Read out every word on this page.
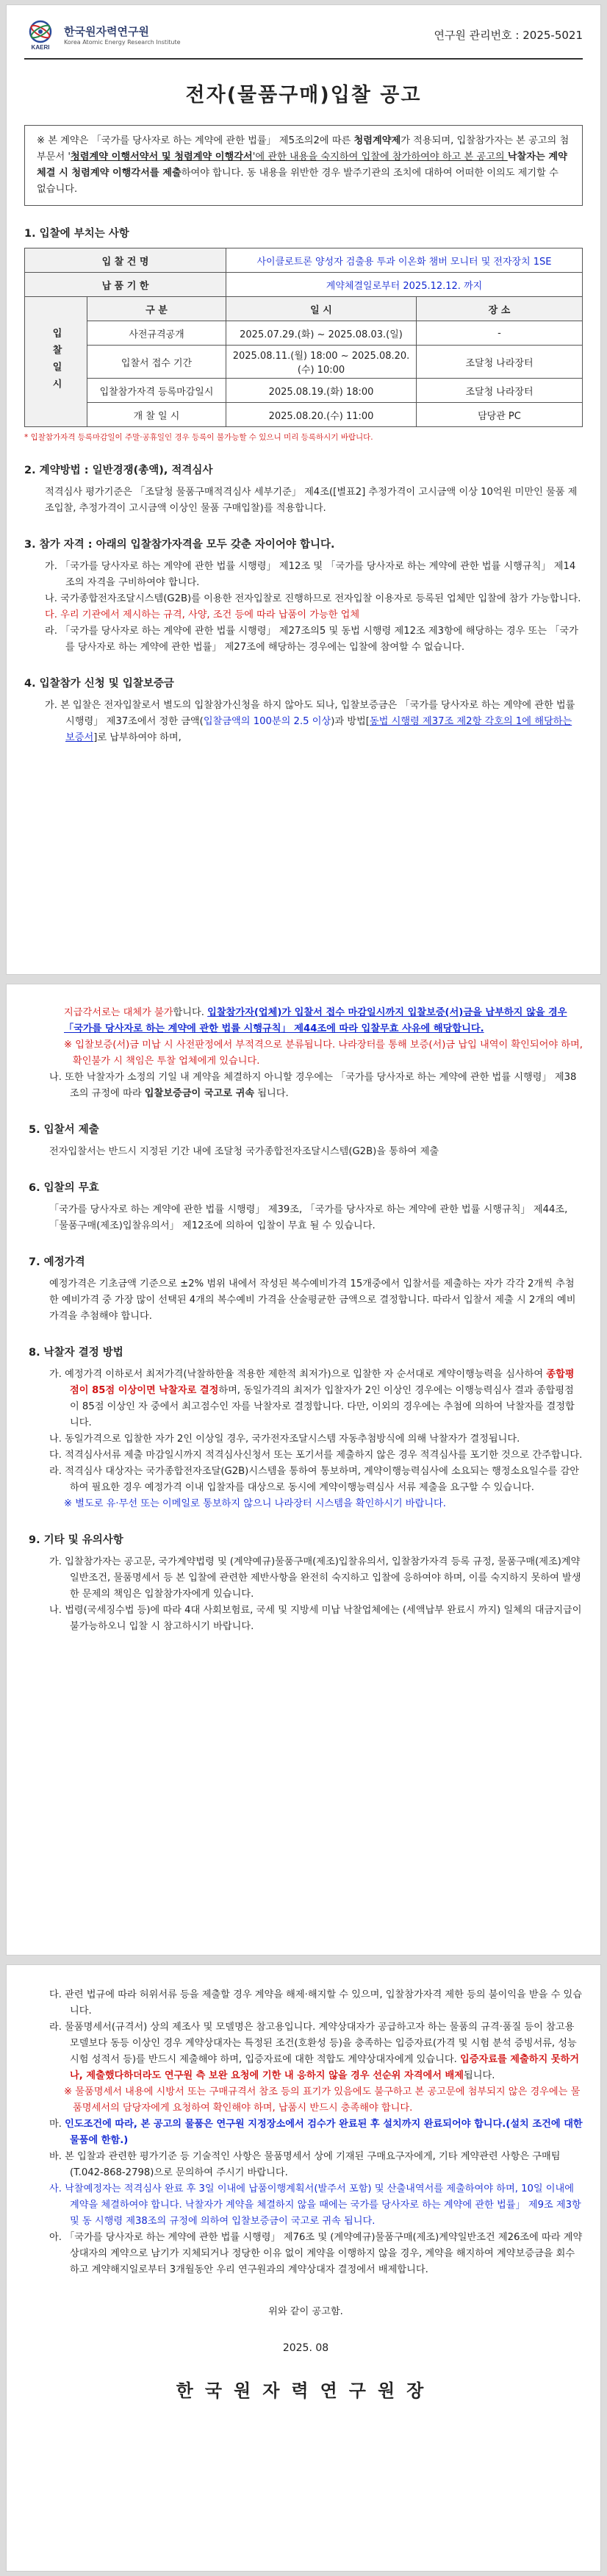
KAERI
한국원자력연구원
Korea Atomic Energy Research Institute
연구원 관리번호 : 2025-5021
전자(물품구매)입찰 공고
※ 본 계약은 「국가를 당사자로 하는 계약에 관한 법률」 제5조의2에 따른 청렴계약제가 적용되며, 입찰참가자는 본 공고의 첨부문서 '청렴계약 이행서약서 및 청렴계약 이행각서'에 관한 내용을 숙지하여 입찰에 참가하여야 하고 본 공고의 낙찰자는 계약체결 시 청렴계약 이행각서를 제출하여야 합니다. 동 내용을 위반한 경우 발주기관의 조치에 대하여 어떠한 이의도 제기할 수 없습니다.
1. 입찰에 부치는 사항
입 찰 건 명		사이클로트론 양성자 검출용 투과 이온화 챔버 모니터 및 전자장치 1SE	
납 품 기 한		계약체결일로부터 2025.12.12. 까지	
입찰일시	구 분	일 시	장 소
	사전규격공개	2025.07.29.(화) ~ 2025.08.03.(일)	-
	입찰서 접수 기간	2025.08.11.(월) 18:00 ~ 2025.08.20.(수) 10:00	조달청 나라장터
	입찰참가자격 등록마감일시	2025.08.19.(화) 18:00	조달청 나라장터
	개 찰 일 시	2025.08.20.(수) 11:00	담당관 PC
* 입찰참가자격 등록마감일이 주말·공휴일인 경우 등록이 불가능할 수 있으니 미리 등록하시기 바랍니다.
2. 계약방법 : 일반경쟁(총액), 적격심사
적격심사 평가기준은 「조달청 물품구매적격심사 세부기준」 제4조([별표2] 추정가격이 고시금액 이상 10억원 미만인 물품 제조입찰, 추정가격이 고시금액 이상인 물품 구매입찰)를 적용합니다.
3. 참가 자격 : 아래의 입찰참가자격을 모두 갖춘 자이어야 합니다.
가. 「국가를 당사자로 하는 계약에 관한 법률 시행령」 제12조 및 「국가를 당사자로 하는 계약에 관한 법률 시행규칙」 제14조의 자격을 구비하여야 합니다.
나. 국가종합전자조달시스템(G2B)를 이용한 전자입찰로 진행하므로 전자입찰 이용자로 등록된 업체만 입찰에 참가 가능합니다.
다. 우리 기관에서 제시하는 규격, 사양, 조건 등에 따라 납품이 가능한 업체
라. 「국가를 당사자로 하는 계약에 관한 법률 시행령」 제27조의5 및 동법 시행령 제12조 제3항에 해당하는 경우 또는 「국가를 당사자로 하는 계약에 관한 법률」 제27조에 해당하는 경우에는 입찰에 참여할 수 없습니다.
4. 입찰참가 신청 및 입찰보증금
가. 본 입찰은 전자입찰로서 별도의 입찰참가신청을 하지 않아도 되나, 입찰보증금은 「국가를 당사자로 하는 계약에 관한 법률 시행령」 제37조에서 정한 금액(입찰금액의 100분의 2.5 이상)과 방법[동법 시행령 제37조 제2항 각호의 1에 해당하는 보증서]로 납부하여야 하며,
지급각서로는 대체가 불가합니다. 입찰참가자(업체)가 입찰서 접수 마감일시까지 입찰보증(서)금을 납부하지 않을 경우 「국가를 당사자로 하는 계약에 관한 법률 시행규칙」 제44조에 따라 입찰무효 사유에 해당합니다.
※ 입찰보증(서)금 미납 시 사전판정에서 부적격으로 분류됩니다. 나라장터를 통해 보증(서)금 납입 내역이 확인되어야 하며, 확인불가 시 책임은 투찰 업체에게 있습니다.
나. 또한 낙찰자가 소정의 기일 내 계약을 체결하지 아니할 경우에는 「국가를 당사자로 하는 계약에 관한 법률 시행령」 제38조의 규정에 따라 입찰보증금이 국고로 귀속 됩니다.
5. 입찰서 제출
전자입찰서는 반드시 지정된 기간 내에 조달청 국가종합전자조달시스템(G2B)을 통하여 제출
6. 입찰의 무효
「국가를 당사자로 하는 계약에 관한 법률 시행령」 제39조, 「국가를 당사자로 하는 계약에 관한 법률 시행규칙」 제44조, 「물품구매(제조)입찰유의서」 제12조에 의하여 입찰이 무효 될 수 있습니다.
7. 예정가격
예정가격은 기초금액 기준으로 ±2% 범위 내에서 작성된 복수예비가격 15개중에서 입찰서를 제출하는 자가 각각 2개씩 추첨한 예비가격 중 가장 많이 선택된 4개의 복수예비 가격을 산술평균한 금액으로 결정합니다. 따라서 입찰서 제출 시 2개의 예비가격을 추첨해야 합니다.
8. 낙찰자 결정 방법
가. 예정가격 이하로서 최저가격(낙찰하한율 적용한 제한적 최저가)으로 입찰한 자 순서대로 계약이행능력을 심사하여 종합평점이 85점 이상이면 낙찰자로 결정하며, 동일가격의 최저가 입찰자가 2인 이상인 경우에는 이행능력심사 결과 종합평점이 85점 이상인 자 중에서 최고점수인 자를 낙찰자로 결정합니다. 다만, 이외의 경우에는 추첨에 의하여 낙찰자를 결정합니다.
나. 동일가격으로 입찰한 자가 2인 이상일 경우, 국가전자조달시스템 자동추첨방식에 의해 낙찰자가 결정됩니다.
다. 적격심사서류 제출 마감일시까지 적격심사신청서 또는 포기서를 제출하지 않은 경우 적격심사를 포기한 것으로 간주합니다.
라. 적격심사 대상자는 국가종합전자조달(G2B)시스템을 통하여 통보하며, 계약이행능력심사에 소요되는 행정소요일수를 감안하여 필요한 경우 예정가격 이내 입찰자를 대상으로 동시에 계약이행능력심사 서류 제출을 요구할 수 있습니다.
※ 별도로 유·무선 또는 이메일로 통보하지 않으니 나라장터 시스템을 확인하시기 바랍니다.
9. 기타 및 유의사항
가. 입찰참가자는 공고문, 국가계약법령 및 (계약예규)물품구매(제조)입찰유의서, 입찰참가자격 등록 규정, 물품구매(제조)계약일반조건, 물품명세서 등 본 입찰에 관련한 제반사항을 완전히 숙지하고 입찰에 응하여야 하며, 이를 숙지하지 못하여 발생한 문제의 책임은 입찰참가자에게 있습니다.
나. 법령(국세징수법 등)에 따라 4대 사회보험료, 국세 및 지방세 미납 낙찰업체에는 (세액납부 완료시 까지) 일체의 대금지급이 불가능하오니 입찰 시 참고하시기 바랍니다.
다. 관련 법규에 따라 허위서류 등을 제출할 경우 계약을 해제·해지할 수 있으며, 입찰참가자격 제한 등의 불이익을 받을 수 있습니다.
라. 물품명세서(규격서) 상의 제조사 및 모델명은 참고용입니다. 계약상대자가 공급하고자 하는 물품의 규격·품질 등이 참고용 모델보다 동등 이상인 경우 계약상대자는 특정된 조건(호환성 등)을 충족하는 입증자료(가격 및 시험 분석 증빙서류, 성능시험 성적서 등)를 반드시 제출해야 하며, 입증자료에 대한 적합도 계약상대자에게 있습니다. 입증자료를 제출하지 못하거나, 제출했다하더라도 연구원 측 보완 요청에 기한 내 응하지 않을 경우 선순위 자격에서 배제됩니다.
※ 물품명세서 내용에 시방서 또는 구매규격서 참조 등의 표기가 있음에도 불구하고 본 공고문에 첨부되지 않은 경우에는 물품명세서의 담당자에게 요청하여 확인해야 하며, 납품시 반드시 충족해야 합니다.
마. 인도조건에 따라, 본 공고의 물품은 연구원 지정장소에서 검수가 완료된 후 설치까지 완료되어야 합니다.(설치 조건에 대한 물품에 한함.)
바. 본 입찰과 관련한 평가기준 등 기술적인 사항은 물품명세서 상에 기재된 구매요구자에게, 기타 계약관련 사항은 구매팀 (T.042-868-2798)으로 문의하여 주시기 바랍니다.
사. 낙찰예정자는 적격심사 완료 후 3일 이내에 납품이행계획서(발주서 포함) 및 산출내역서를 제출하여야 하며, 10일 이내에 계약을 체결하여야 합니다. 낙찰자가 계약을 체결하지 않을 때에는 국가를 당사자로 하는 계약에 관한 법률」 제9조 제3항 및 동 시행령 제38조의 규정에 의하여 입찰보증금이 국고로 귀속 됩니다.
아. 「국가를 당사자로 하는 계약에 관한 법률 시행령」 제76조 및 (계약예규)물품구매(제조)계약일반조건 제26조에 따라 계약상대자의 계약으로 남기가 지체되거나 정당한 이유 없이 계약을 이행하지 않을 경우, 계약을 해지하여 계약보증금을 회수하고 계약해지일로부터 3개월동안 우리 연구원과의 계약상대자 결정에서 배제합니다.
위와 같이 공고함.
2025. 08
한국원자력연구원장
